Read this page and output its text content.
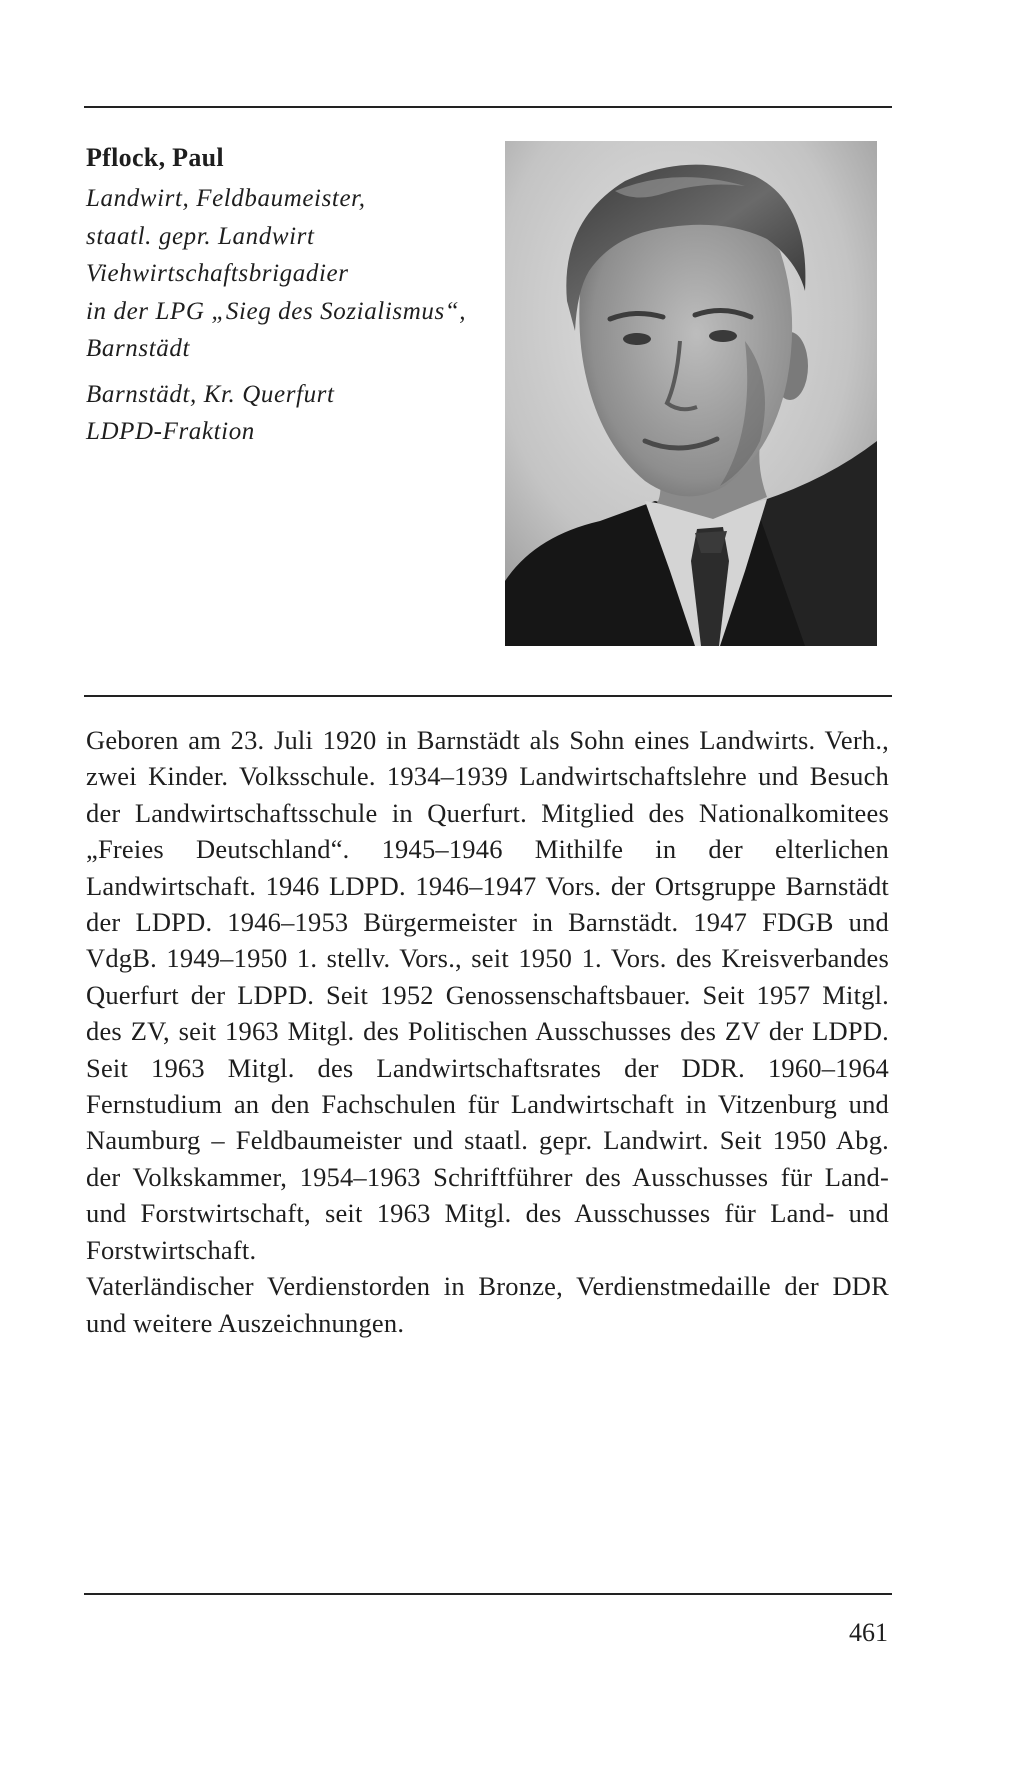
Pflock, Paul
Landwirt, Feldbaumeister,
staatl. gepr. Landwirt
Viehwirtschaftsbrigadier
in der LPG „Sieg des Sozialismus“,
Barnstädt
Barnstädt, Kr. Querfurt
LDPD-Fraktion

Geboren am 23. Juli 1920 in Barnstädt als Sohn eines Landwirts. Verh., zwei Kinder. Volksschule. 1934–1939 Landwirtschaftslehre und Besuch der Landwirtschaftsschule in Querfurt. Mitglied des Nationalkomitees „Freies Deutschland“. 1945–1946 Mithilfe in der elterlichen Landwirtschaft. 1946 LDPD. 1946–1947 Vors. der Ortsgruppe Barnstädt der LDPD. 1946–1953 Bürgermeister in Barnstädt. 1947 FDGB und VdgB. 1949–1950 1. stellv. Vors., seit 1950 1. Vors. des Kreisverbandes Querfurt der LDPD. Seit 1952 Genossenschaftsbauer. Seit 1957 Mitgl. des ZV, seit 1963 Mitgl. des Politischen Ausschusses des ZV der LDPD. Seit 1963 Mitgl. des Landwirtschaftsrates der DDR. 1960–1964 Fernstudium an den Fachschulen für Landwirtschaft in Vitzenburg und Naumburg – Feldbaumeister und staatl. gepr. Landwirt. Seit 1950 Abg. der Volkskammer, 1954–1963 Schriftführer des Ausschusses für Land- und Forstwirtschaft, seit 1963 Mitgl. des Ausschusses für Land- und Forstwirtschaft.

Vaterländischer Verdienstorden in Bronze, Verdienstmedaille der DDR und weitere Auszeichnungen.

461
